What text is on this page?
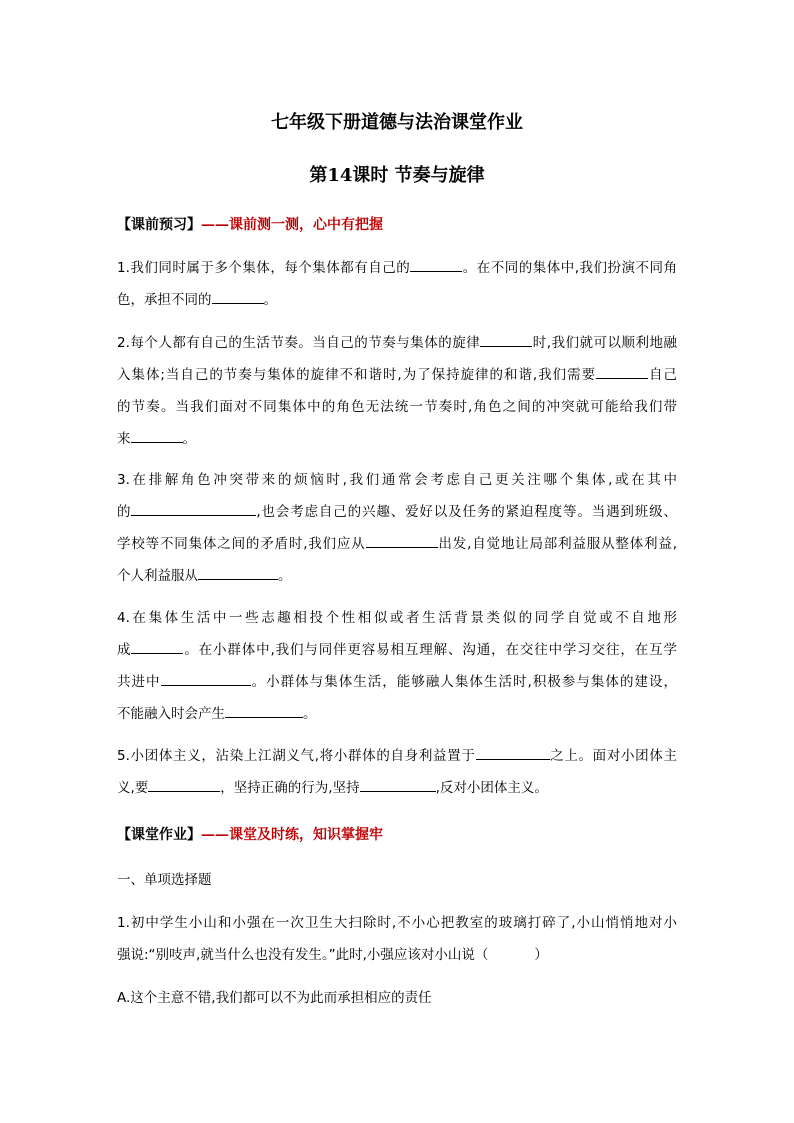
七年级下册道德与法治课堂作业
第14课时 节奏与旋律
【课前预习】——课前测一测，心中有把握
1.我们同时属于多个集体，每个集体都有自己的	。在不同的集体中,我们扮演不同角
色，承担不同的	。
2.每个人都有自己的生活节奏。当自己的节奏与集体的旋律	时,我们就可以顺利地融
入集体;当自己的节奏与集体的旋律不和谐时,为了保持旋律的和谐,我们需要	自己
的节奏。当我们面对不同集体中的角色无法统一节奏时,角色之间的冲突就可能给我们带
来	。
3.在排解角色冲突带来的烦恼时,我们通常会考虑自己更关注哪个集体,或在其中
的	,也会考虑自己的兴趣、爱好以及任务的紧迫程度等。当遇到班级、
学校等不同集体之间的矛盾时,我们应从	出发,自觉地让局部利益服从整体利益,
个人利益服从	。
4.在集体生活中一些志趣相投个性相似或者生活背景类似的同学自觉或不自地形
成	。在小群体中,我们与同伴更容易相互理解、沟通，在交往中学习交往，在互学
共进中	。小群体与集体生活，能够融人集体生活时,积极参与集体的建设，
不能融入时会产生	。
5.小团体主义，沾染上江湖义气,将小群体的自身利益置于	之上。面对小团体主
义,要	，坚持正确的行为,坚持	,反对小团体主义。
【课堂作业】——课堂及时练，知识掌握牢
一、单项选择题
1.初中学生小山和小强在一次卫生大扫除时,不小心把教室的玻璃打碎了,小山悄悄地对小
强说:“别吱声,就当什么也没有发生。”此时,小强应该对小山说（	）
A.这个主意不错,我们都可以不为此而承担相应的责任
